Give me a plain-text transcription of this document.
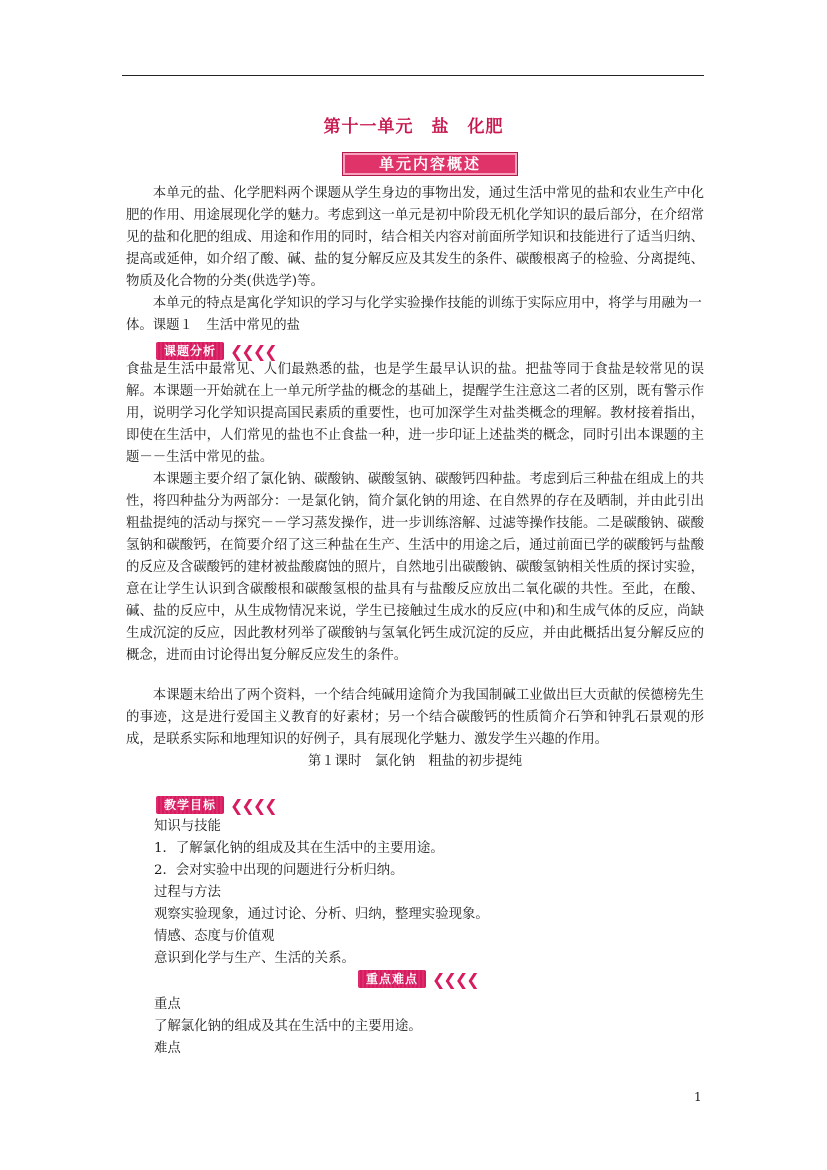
第十一单元　盐　化肥
单元内容概述
本单元的盐、化学肥料两个课题从学生身边的事物出发，通过生活中常见的盐和农业生产中化肥的作用、用途展现化学的魅力。考虑到这一单元是初中阶段无机化学知识的最后部分，在介绍常见的盐和化肥的组成、用途和作用的同时，结合相关内容对前面所学知识和技能进行了适当归纳、提高或延伸，如介绍了酸、碱、盐的复分解反应及其发生的条件、碳酸根离子的检验、分离提纯、物质及化合物的分类(供选学)等。
本单元的特点是寓化学知识的学习与化学实验操作技能的训练于实际应用中，将学与用融为一体。课题１　生活中常见的盐
课题分析 ❮❮❮❮
食盐是生活中最常见、人们最熟悉的盐，也是学生最早认识的盐。把盐等同于食盐是较常见的误解。本课题一开始就在上一单元所学盐的概念的基础上，提醒学生注意这二者的区别，既有警示作用，说明学习化学知识提高国民素质的重要性，也可加深学生对盐类概念的理解。教材接着指出，即使在生活中，人们常见的盐也不止食盐一种，进一步印证上述盐类的概念，同时引出本课题的主题－－生活中常见的盐。
本课题主要介绍了氯化钠、碳酸钠、碳酸氢钠、碳酸钙四种盐。考虑到后三种盐在组成上的共性，将四种盐分为两部分：一是氯化钠，简介氯化钠的用途、在自然界的存在及晒制，并由此引出粗盐提纯的活动与探究－－学习蒸发操作，进一步训练溶解、过滤等操作技能。二是碳酸钠、碳酸氢钠和碳酸钙，在简要介绍了这三种盐在生产、生活中的用途之后，通过前面已学的碳酸钙与盐酸的反应及含碳酸钙的建材被盐酸腐蚀的照片，自然地引出碳酸钠、碳酸氢钠相关性质的探讨实验，意在让学生认识到含碳酸根和碳酸氢根的盐具有与盐酸反应放出二氧化碳的共性。至此，在酸、碱、盐的反应中，从生成物情况来说，学生已接触过生成水的反应(中和)和生成气体的反应，尚缺生成沉淀的反应，因此教材列举了碳酸钠与氢氧化钙生成沉淀的反应，并由此概括出复分解反应的概念，进而由讨论得出复分解反应发生的条件。
本课题末给出了两个资料，一个结合纯碱用途简介为我国制碱工业做出巨大贡献的侯德榜先生的事迹，这是进行爱国主义教育的好素材；另一个结合碳酸钙的性质简介石笋和钟乳石景观的形成，是联系实际和地理知识的好例子，具有展现化学魅力、激发学生兴趣的作用。
第１课时　氯化钠　粗盐的初步提纯
教学目标 ❮❮❮❮
知识与技能
1．了解氯化钠的组成及其在生活中的主要用途。
2．会对实验中出现的问题进行分析归纳。
过程与方法
观察实验现象，通过讨论、分析、归纳，整理实验现象。
情感、态度与价值观
意识到化学与生产、生活的关系。
重点难点 ❮❮❮❮
重点
了解氯化钠的组成及其在生活中的主要用途。
难点
1
